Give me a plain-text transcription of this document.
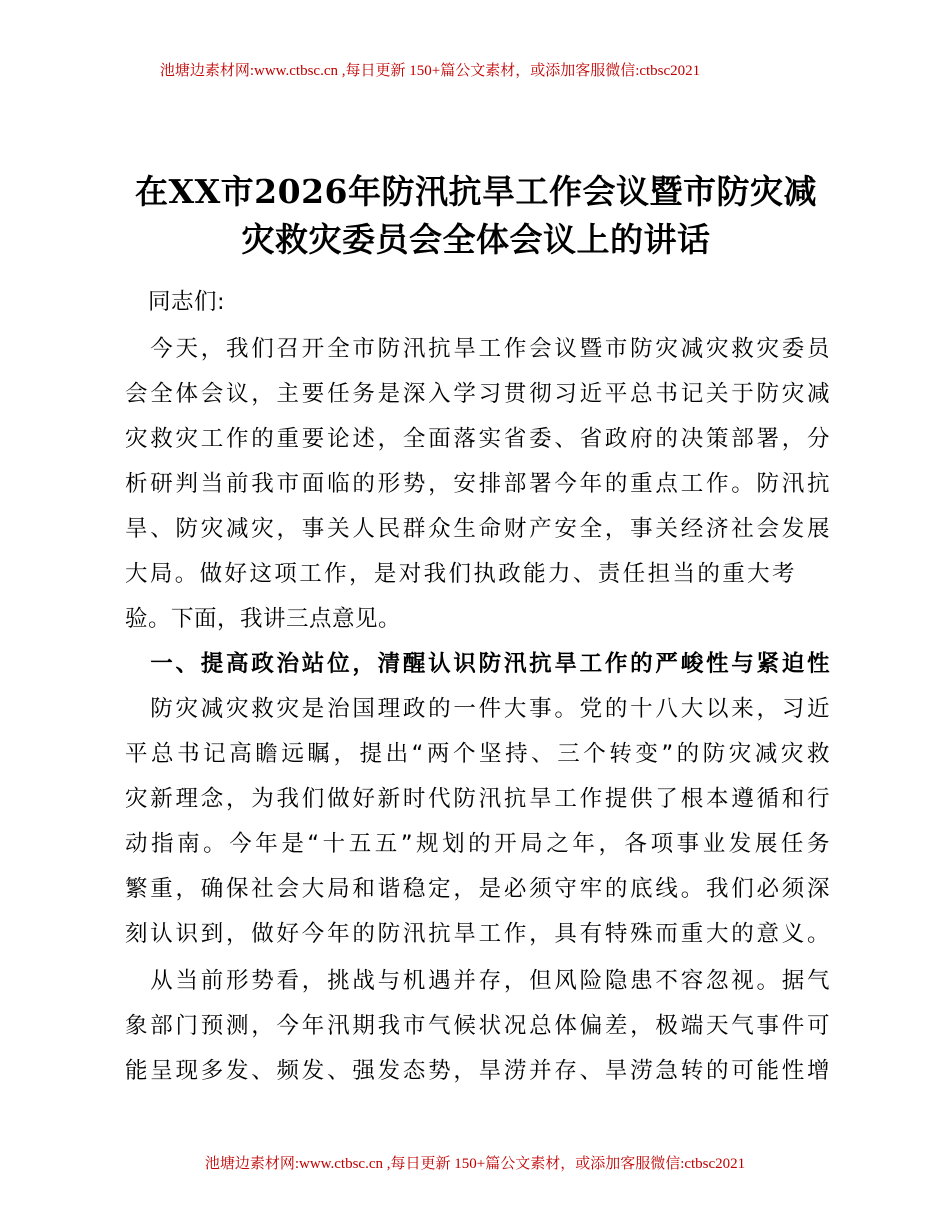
池塘边素材网:www.ctbsc.cn ,每日更新 150+篇公文素材，或添加客服微信:ctbsc2021
在XX市2026年防汛抗旱工作会议暨市防灾减
灾救灾委员会全体会议上的讲话
　同志们:
　今天，我们召开全市防汛抗旱工作会议暨市防灾减灾救灾委员
会全体会议，主要任务是深入学习贯彻习近平总书记关于防灾减
灾救灾工作的重要论述，全面落实省委、省政府的决策部署，分
析研判当前我市面临的形势，安排部署今年的重点工作。防汛抗
旱、防灾减灾，事关人民群众生命财产安全，事关经济社会发展
大局。做好这项工作，是对我们执政能力、责任担当的重大考
验。下面，我讲三点意见。
　一、提高政治站位，清醒认识防汛抗旱工作的严峻性与紧迫性
　防灾减灾救灾是治国理政的一件大事。党的十八大以来，习近
平总书记高瞻远瞩，提出“两个坚持、三个转变”的防灾减灾救
灾新理念，为我们做好新时代防汛抗旱工作提供了根本遵循和行
动指南。今年是“十五五”规划的开局之年，各项事业发展任务
繁重，确保社会大局和谐稳定，是必须守牢的底线。我们必须深
刻认识到，做好今年的防汛抗旱工作，具有特殊而重大的意义。
　从当前形势看，挑战与机遇并存，但风险隐患不容忽视。据气
象部门预测，今年汛期我市气候状况总体偏差，极端天气事件可
能呈现多发、频发、强发态势，旱涝并存、旱涝急转的可能性增
池塘边素材网:www.ctbsc.cn ,每日更新 150+篇公文素材，或添加客服微信:ctbsc2021
